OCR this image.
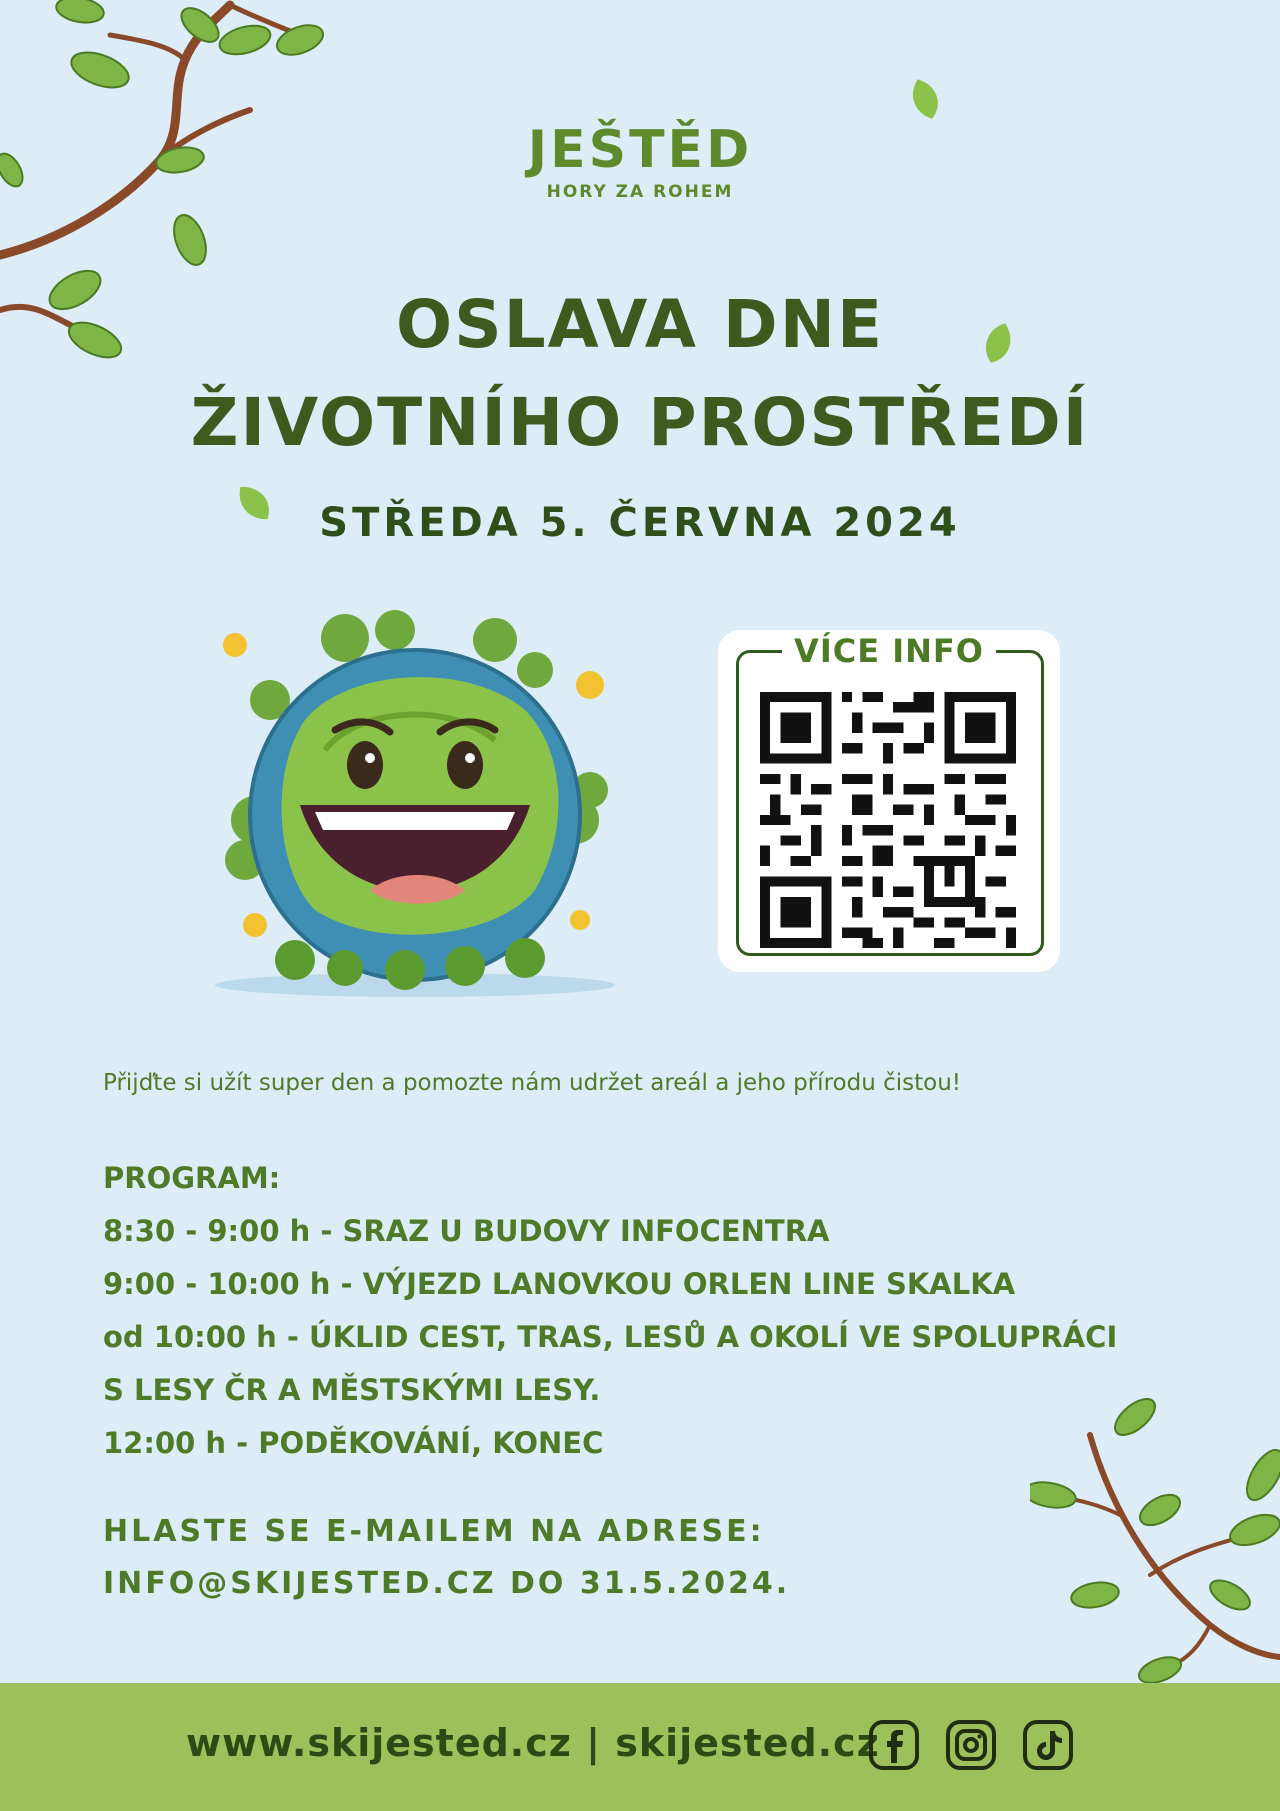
JEŠTĚD
HORY ZA ROHEM
OSLAVA DNE
ŽIVOTNÍHO PROSTŘEDÍ
STŘEDA 5. ČERVNA 2024
VÍCE INFO
Přijďte si užít super den a pomozte nám udržet areál a jeho přírodu čistou!
PROGRAM:
8:30 - 9:00 h - SRAZ U BUDOVY INFOCENTRA
9:00 - 10:00 h - VÝJEZD LANOVKOU ORLEN LINE SKALKA
od 10:00 h - ÚKLID CEST, TRAS, LESŮ A OKOLÍ VE SPOLUPRÁCI
S LESY ČR A MĚSTSKÝMI LESY.
12:00 h - PODĚKOVÁNÍ, KONEC
HLASTE SE E-MAILEM NA ADRESE:
INFO@SKIJESTED.CZ DO 31.5.2024.
www.skijested.cz | skijested.cz
